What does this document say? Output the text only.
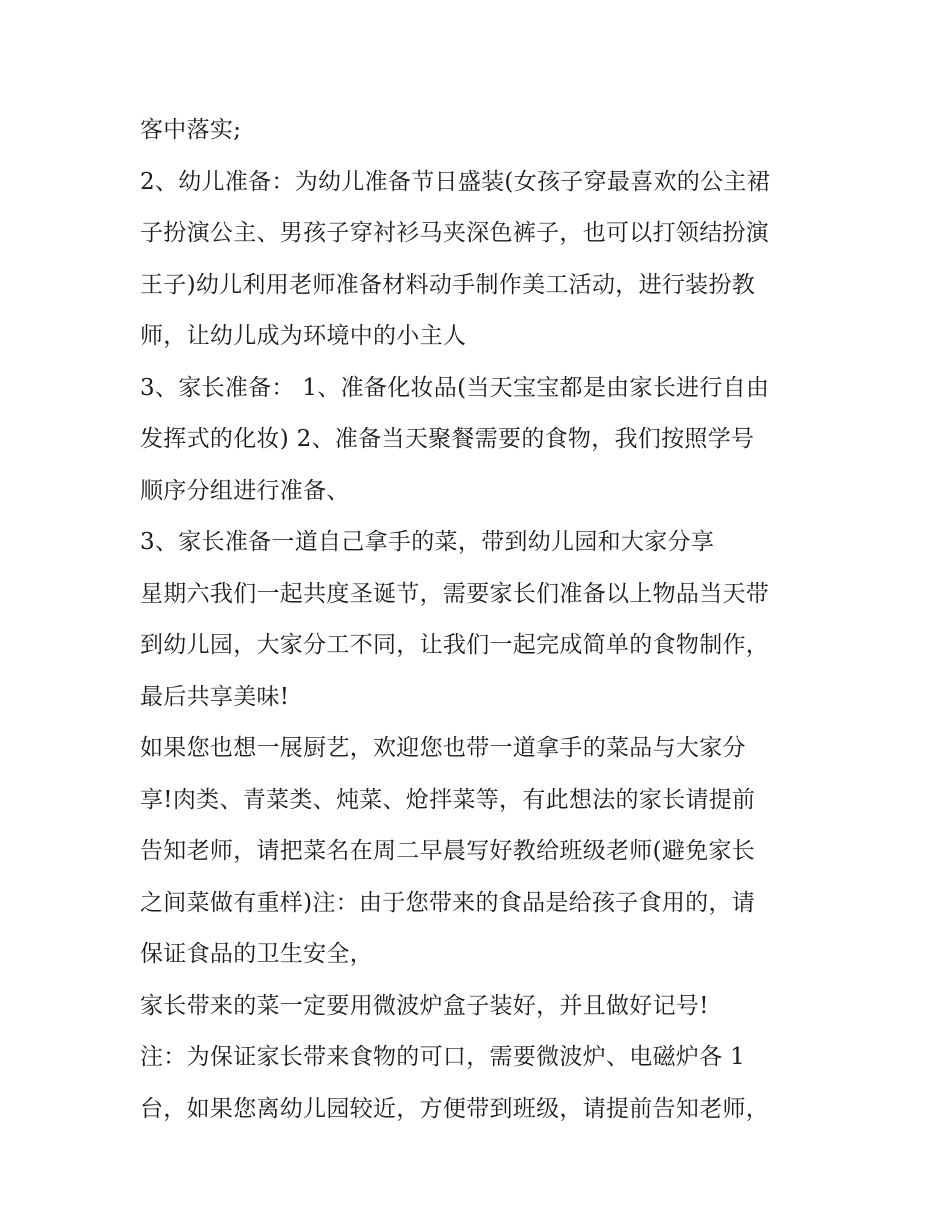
客中落实;
2、幼儿准备：为幼儿准备节日盛装(女孩子穿最喜欢的公主裙
子扮演公主、男孩子穿衬衫马夹深色裤子，也可以打领结扮演
王子)幼儿利用老师准备材料动手制作美工活动，进行装扮教
师，让幼儿成为环境中的小主人
3、家长准备： 1、准备化妆品(当天宝宝都是由家长进行自由
发挥式的化妆) 2、准备当天聚餐需要的食物，我们按照学号
顺序分组进行准备、
3、家长准备一道自己拿手的菜，带到幼儿园和大家分享
星期六我们一起共度圣诞节，需要家长们准备以上物品当天带
到幼儿园，大家分工不同，让我们一起完成简单的食物制作，
最后共享美味!
如果您也想一展厨艺，欢迎您也带一道拿手的菜品与大家分
享!肉类、青菜类、炖菜、炝拌菜等，有此想法的家长请提前
告知老师，请把菜名在周二早晨写好教给班级老师(避免家长
之间菜做有重样)注：由于您带来的食品是给孩子食用的，请
保证食品的卫生安全，
家长带来的菜一定要用微波炉盒子装好，并且做好记号!
注：为保证家长带来食物的可口，需要微波炉、电磁炉各 1
台，如果您离幼儿园较近，方便带到班级，请提前告知老师，
